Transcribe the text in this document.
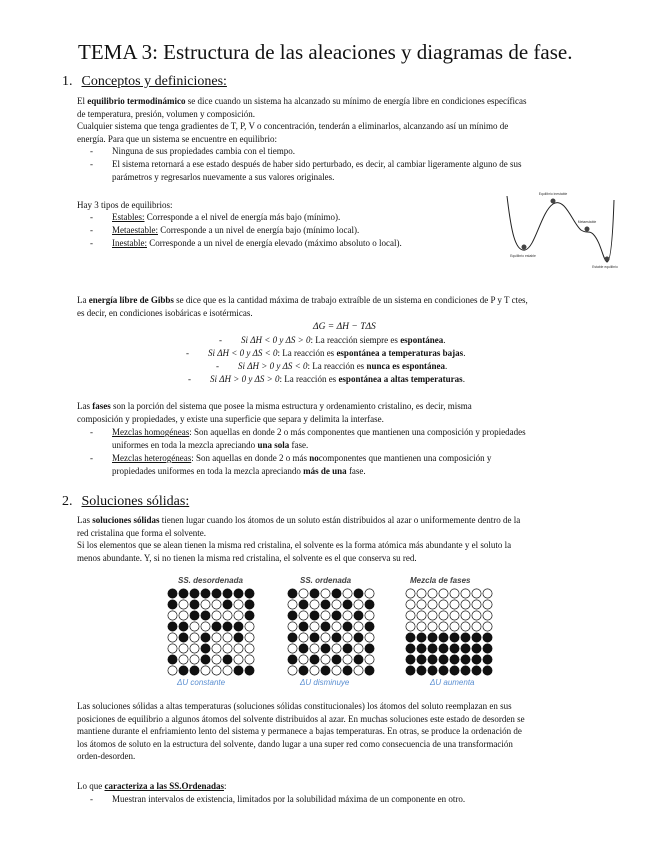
TEMA 3: Estructura de las aleaciones y diagramas de fase.
1. Conceptos y definiciones:
El equilibrio termodinámico se dice cuando un sistema ha alcanzado su mínimo de energía libre en condiciones específicas
de temperatura, presión, volumen y composición.
Cualquier sistema que tenga gradientes de T, P, V o concentración, tenderán a eliminarlos, alcanzando así un mínimo de
energía. Para que un sistema se encuentre en equilibrio:
- Ninguna de sus propiedades cambia con el tiempo.
- El sistema retornará a ese estado después de haber sido perturbado, es decir, al cambiar ligeramente alguno de sus
parámetros y regresarlos nuevamente a sus valores originales.
Hay 3 tipos de equilibrios:
- Estables: Corresponde a el nivel de energía más bajo (mínimo).
- Metaestable: Corresponde a un nivel de energía bajo (mínimo local).
- Inestable: Corresponde a un nivel de energía elevado (máximo absoluto o local).
Equilibrio inestable
Metaestable
Equilibrio estable
Estable equilibrio
La energía libre de Gibbs se dice que es la cantidad máxima de trabajo extraíble de un sistema en condiciones de P y T ctes,
es decir, en condiciones isobáricas e isotérmicas.
ΔG = ΔH − TΔS
- Si ΔH < 0 y ΔS > 0: La reacción siempre es espontánea.
- Si ΔH < 0 y ΔS < 0: La reacción es espontánea a temperaturas bajas.
- Si ΔH > 0 y ΔS < 0: La reacción es nunca es espontánea.
- Si ΔH > 0 y ΔS > 0: La reacción es espontánea a altas temperaturas.
Las fases son la porción del sistema que posee la misma estructura y ordenamiento cristalino, es decir, misma
composición y propiedades, y existe una superficie que separa y delimita la interfase.
- Mezclas homogéneas: Son aquellas en donde 2 o más componentes que mantienen una composición y propiedades
uniformes en toda la mezcla apreciando una sola fase.
- Mezclas heterogéneas: Son aquellas en donde 2 o más nocomponentes que mantienen una composición y
propiedades uniformes en toda la mezcla apreciando más de una fase.
2. Soluciones sólidas:
Las soluciones sólidas tienen lugar cuando los átomos de un soluto están distribuidos al azar o uniformemente dentro de la
red cristalina que forma el solvente.
Si los elementos que se alean tienen la misma red cristalina, el solvente es la forma atómica más abundante y el soluto la
menos abundante. Y, si no tienen la misma red cristalina, el solvente es el que conserva su red.
SS. desordenada	SS. ordenada	Mezcla de fases
ΔU constante	ΔU disminuye	ΔU aumenta
Las soluciones sólidas a altas temperaturas (soluciones sólidas constitucionales) los átomos del soluto reemplazan en sus
posiciones de equilibrio a algunos átomos del solvente distribuidos al azar. En muchas soluciones este estado de desorden se
mantiene durante el enfriamiento lento del sistema y permanece a bajas temperaturas. En otras, se produce la ordenación de
los átomos de soluto en la estructura del solvente, dando lugar a una super red como consecuencia de una transformación
orden-desorden.
Lo que caracteriza a las SS.Ordenadas:
- Muestran intervalos de existencia, limitados por la solubilidad máxima de un componente en otro.
